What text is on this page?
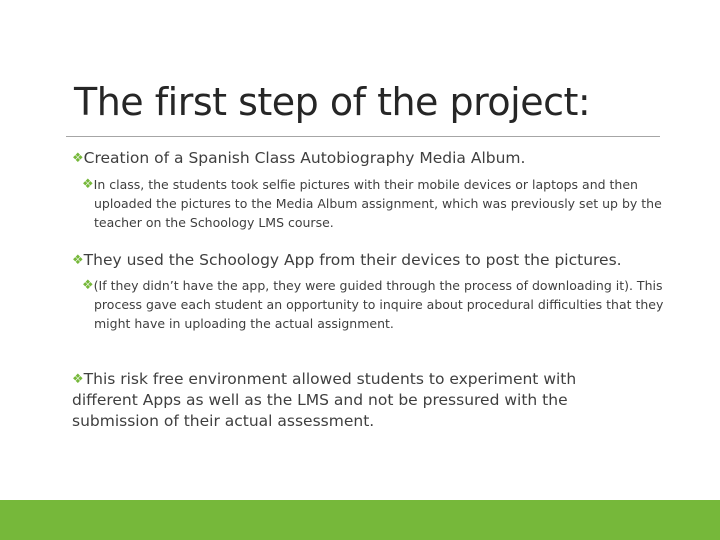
The first step of the project:

❖Creation of a Spanish Class Autobiography Media Album.

❖In class, the students took selfie pictures with their mobile devices or laptops and then uploaded the pictures to the Media Album assignment, which was previously set up by the teacher on the Schoology LMS course.

❖They used the Schoology App from their devices to post the pictures.

❖(If they didn’t have the app, they were guided through the process of downloading it). This process gave each student an opportunity to inquire about procedural difficulties that they might have in uploading the actual assignment.

❖This risk free environment allowed students to experiment with different Apps as well as the LMS and not be pressured with the submission of their actual assessment.
